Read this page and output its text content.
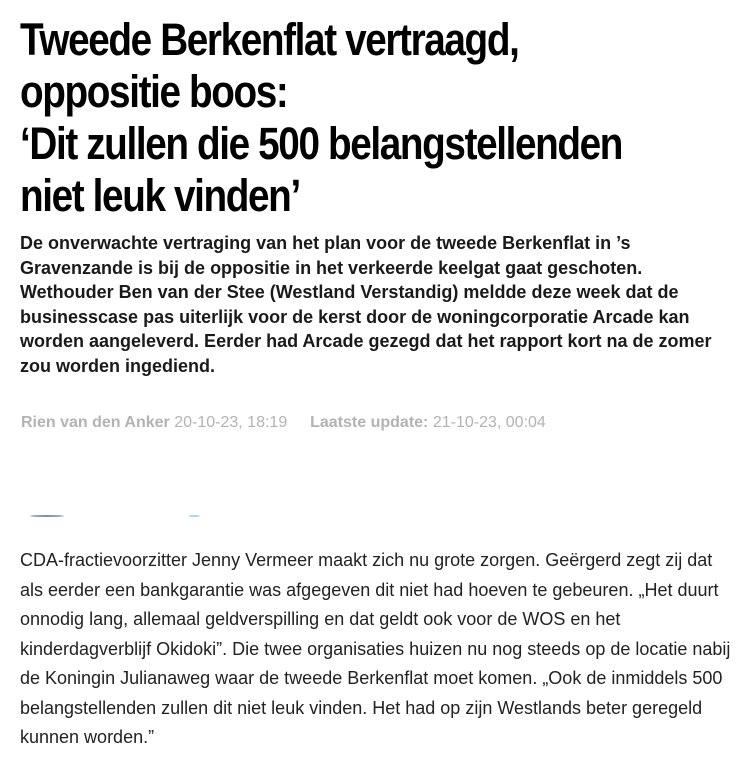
Tweede Berkenflat vertraagd,
oppositie boos:
‘Dit zullen die 500 belangstellenden
niet leuk vinden’

De onverwachte vertraging van het plan voor de tweede Berkenflat in ’s Gravenzande is bij de oppositie in het verkeerde keelgat gaat geschoten. Wethouder Ben van der Stee (Westland Verstandig) meldde deze week dat de businesscase pas uiterlijk voor de kerst door de woningcorporatie Arcade kan worden aangeleverd. Eerder had Arcade gezegd dat het rapport kort na de zomer zou worden ingediend.

Rien van den Anker 20-10-23, 18:19 Laatste update: 21-10-23, 00:04

CDA-fractievoorzitter Jenny Vermeer maakt zich nu grote zorgen. Geërgerd zegt zij dat als eerder een bankgarantie was afgegeven dit niet had hoeven te gebeuren. „Het duurt onnodig lang, allemaal geldverspilling en dat geldt ook voor de WOS en het kinderdagverblijf Okidoki”. Die twee organisaties huizen nu nog steeds op de locatie nabij de Koningin Julianaweg waar de tweede Berkenflat moet komen. „Ook de inmiddels 500 belangstellenden zullen dit niet leuk vinden. Het had op zijn Westlands beter geregeld kunnen worden.”
